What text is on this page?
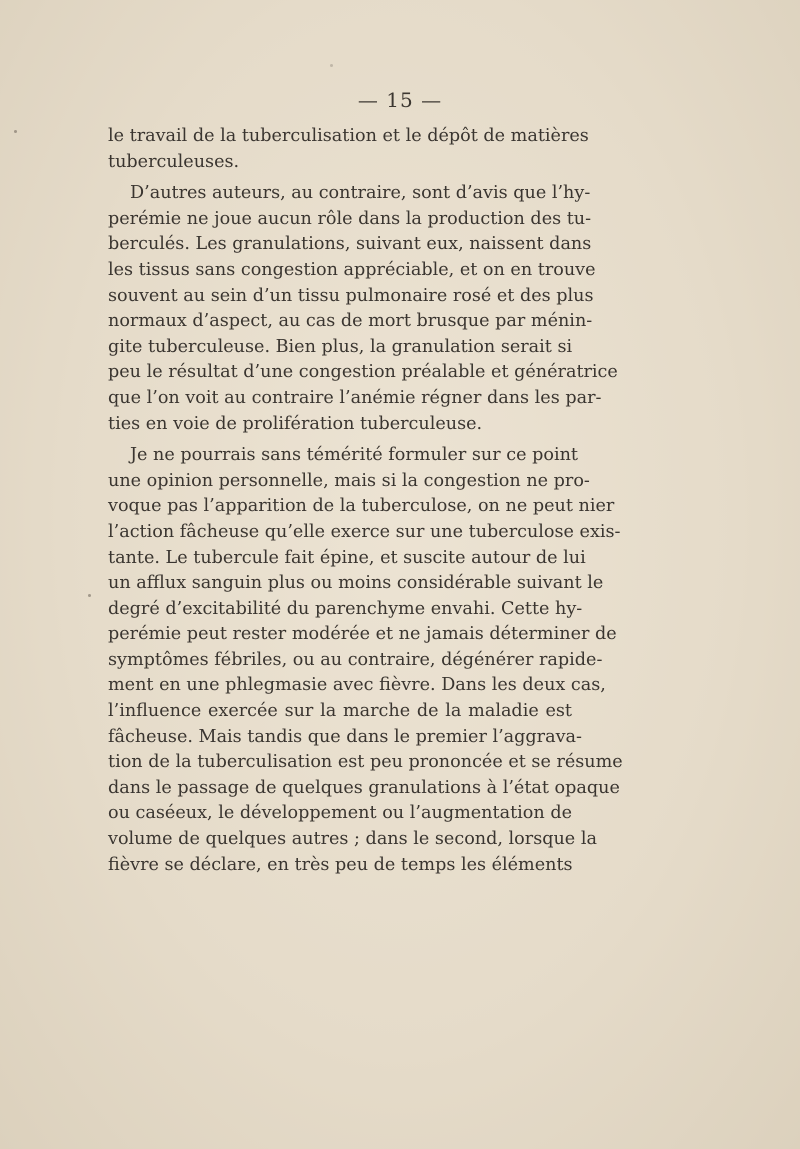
— 15 —
le travail de la tuberculisation et le dépôt de matières
tuberculeuses.
D’autres auteurs, au contraire, sont d’avis que l’hy-
perémie ne joue aucun rôle dans la production des tu-
berculés. Les granulations, suivant eux, naissent dans
les tissus sans congestion appréciable, et on en trouve
souvent au sein d’un tissu pulmonaire rosé et des plus
normaux d’aspect, au cas de mort brusque par ménin-
gite tuberculeuse. Bien plus, la granulation serait si
peu le résultat d’une congestion préalable et génératrice
que l’on voit au contraire l’anémie régner dans les par-
ties en voie de prolifération tuberculeuse.
Je ne pourrais sans témérité formuler sur ce point
une opinion personnelle, mais si la congestion ne pro-
voque pas l’apparition de la tuberculose, on ne peut nier
l’action fâcheuse qu’elle exerce sur une tuberculose exis-
tante. Le tubercule fait épine, et suscite autour de lui
un afflux sanguin plus ou moins considérable suivant le
degré d’excitabilité du parenchyme envahi. Cette hy-
perémie peut rester modérée et ne jamais déterminer de
symptômes fébriles, ou au contraire, dégénérer rapide-
ment en une phlegmasie avec fièvre. Dans les deux cas,
l’influence exercée sur la marche de la maladie est
fâcheuse. Mais tandis que dans le premier l’aggrava-
tion de la tuberculisation est peu prononcée et se résume
dans le passage de quelques granulations à l’état opaque
ou caséeux, le développement ou l’augmentation de
volume de quelques autres ; dans le second, lorsque la
fièvre se déclare, en très peu de temps les éléments
